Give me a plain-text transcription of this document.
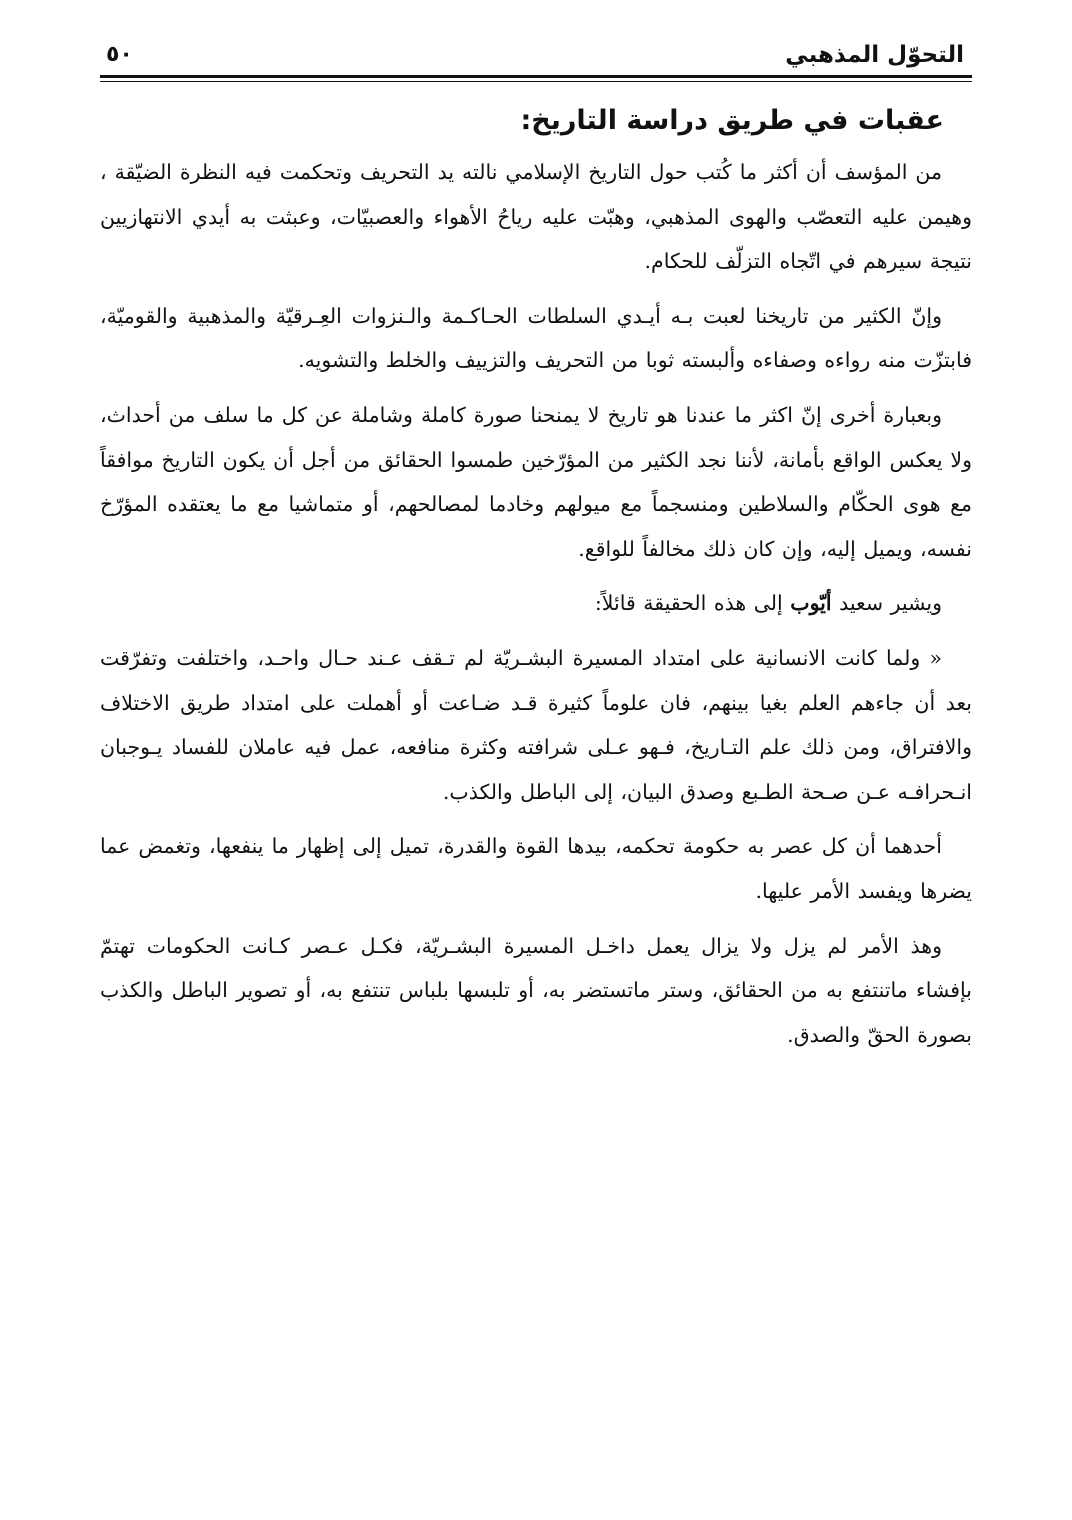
التحوّل المذهبي
٥٠
عقبات في طريق دراسة التاريخ:

من المؤسف أن أكثر ما كُتب حول التاريخ الإسلامي نالته يد التحريف وتحكمت فيه النظرة الضيّقة ، وهيمن عليه التعصّب والهوى المذهبي، وهبّت عليه رياحُ الأهواء والعصبيّات، وعبثت به أيدي الانتهازيين نتيجة سيرهم في اتّجاه التزلّف للحكام.

وإنّ الكثير من تاريخنا لعبت بـه أيـدي السلطات الحـاكـمة والـنزوات العِـرقيّة والمذهبية والقوميّة، فابتزّت منه رواءه وصفاءه وألبسته ثوبا من التحريف والتزييف والخلط والتشويه.

وبعبارة أخرى إنّ اكثر ما عندنا هو تاريخ لا يمنحنا صورة كاملة وشاملة عن كل ما سلف من أحداث، ولا يعكس الواقع بأمانة، لأننا نجد الكثير من المؤرّخين طمسوا الحقائق من أجل أن يكون التاريخ موافقاً مع هوى الحكّام والسلاطين ومنسجماً مع ميولهم وخادما لمصالحهم، أو متماشيا مع ما يعتقده المؤرّخ نفسه، ويميل إليه، وإن كان ذلك مخالفاً للواقع.

ويشير سعيد أيّوب إلى هذه الحقيقة قائلاً:

« ولما كانت الانسانية على امتداد المسيرة البشـريّة لم تـقف عـند حـال واحـد، واختلفت وتفرّقت بعد أن جاءهم العلم بغيا بينهم، فان علوماً كثيرة قـد ضـاعت أو أهملت على امتداد طريق الاختلاف والافتراق، ومن ذلك علم التـاريخ، فـهو عـلى شرافته وكثرة منافعه، عمل فيه عاملان للفساد يـوجبان انـحرافـه عـن صـحة الطـبع وصدق البيان، إلى الباطل والكذب.

أحدهما أن كل عصر به حكومة تحكمه، بيدها القوة والقدرة، تميل إلى إظهار ما ينفعها، وتغمض عما يضرها ويفسد الأمر عليها.

وهذ الأمر لم يزل ولا يزال يعمل داخـل المسيرة البشـريّة، فكـل عـصر كـانت الحكومات تهتمّ بإفشاء ماتنتفع به من الحقائق، وستر ماتستضر به، أو تلبسها بلباس تنتفع به، أو تصوير الباطل والكذب بصورة الحقّ والصدق.
